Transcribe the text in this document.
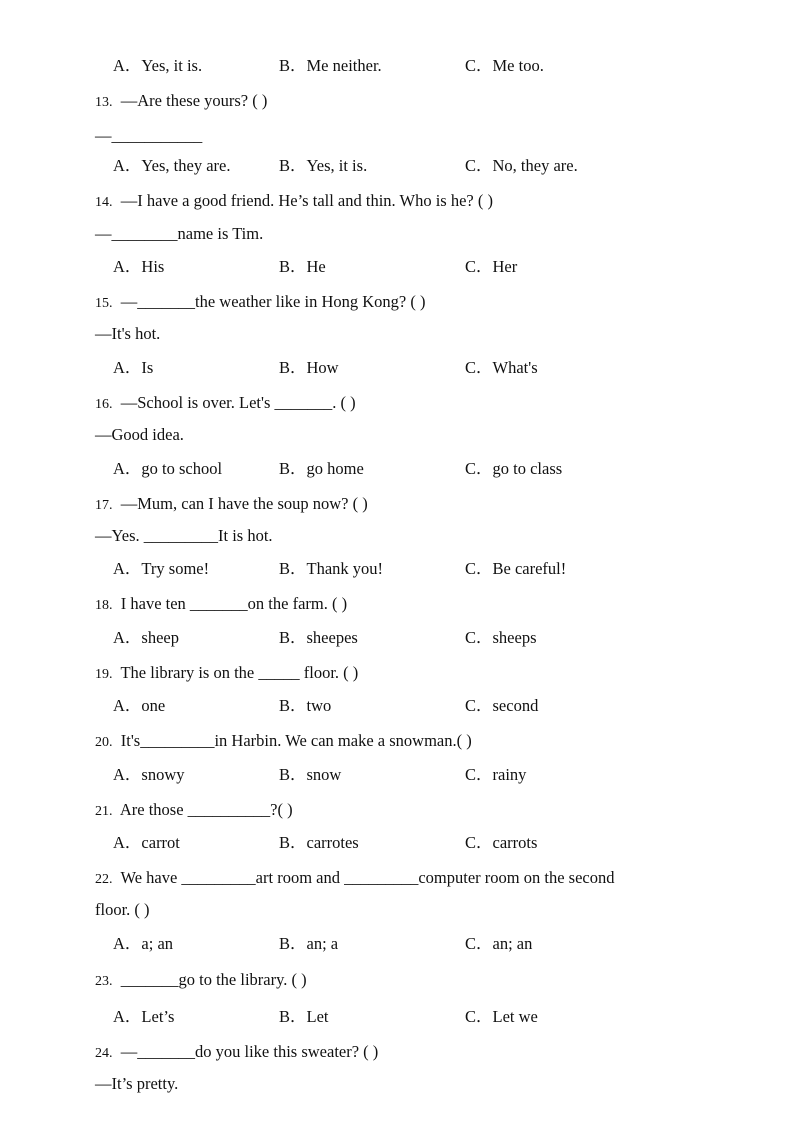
A．Yes, it is.	B．Me neither.	C．Me too.
13. —Are these yours? ( )
—___________
A．Yes, they are.	B．Yes, it is.	C．No, they are.
14. —I have a good friend. He’s tall and thin. Who is he? ( )
—________name is Tim.
A．His	B．He	C．Her
15. —_______the weather like in Hong Kong? ( )
—It's hot.
A．Is	B．How	C．What's
16. —School is over. Let's _______. ( )
—Good idea.
A．go to school	B．go home	C．go to class
17. —Mum, can I have the soup now? ( )
—Yes. _________It is hot.
A．Try some!	B．Thank you!	C．Be careful!
18. I have ten _______on the farm. ( )
A．sheep	B．sheepes	C．sheeps
19. The library is on the _____ floor. ( )
A．one	B．two	C．second
20. It's_________in Harbin. We can make a snowman.( )
A．snowy	B．snow	C．rainy
21. Are those __________?( )
A．carrot	B．carrotes	C．carrots
22. We have _________art room and _________computer room on the second
floor. ( )
A．a; an	B．an; a	C．an; an
23. _______go to the library. ( )
A．Let’s	B．Let	C．Let we
24. —_______do you like this sweater? ( )
—It’s pretty.
